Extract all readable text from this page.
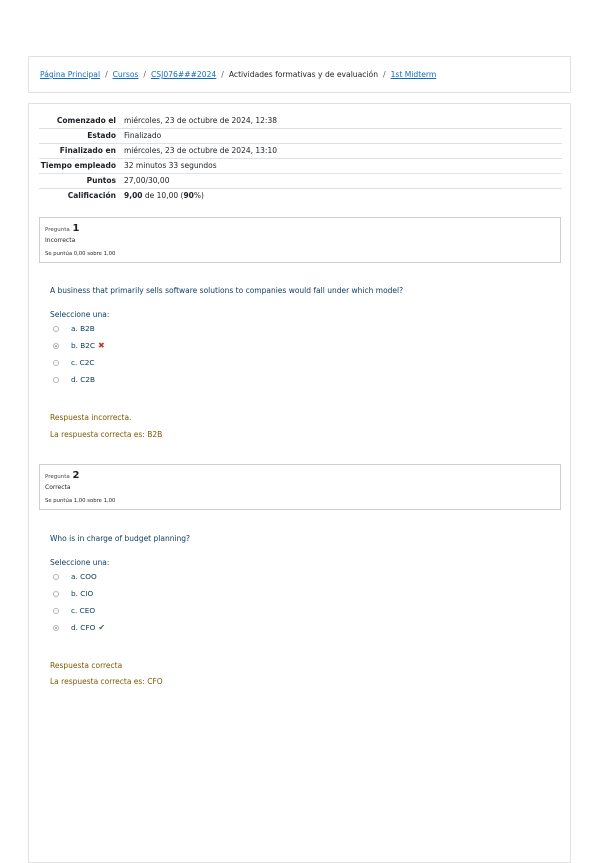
Página Principal / Cursos / CSJ076###2024 / Actividades formativas y de evaluación / 1st Midterm
Comenzado el	miércoles, 23 de octubre de 2024, 12:38
Estado	Finalizado
Finalizado en	miércoles, 23 de octubre de 2024, 13:10
Tiempo empleado	32 minutos 33 segundos
Puntos	27,00/30,00
Calificación	9,00 de 10,00 (90%)
Pregunta 1
Incorrecta
Se puntúa 0,00 sobre 1,00
A business that primarily sells software solutions to companies would fall under which model?
Seleccione una:
a. B2B
b. B2C ✖
c. C2C
d. C2B
Respuesta incorrecta.
La respuesta correcta es: B2B
Pregunta 2
Correcta
Se puntúa 1,00 sobre 1,00
Who is in charge of budget planning?
Seleccione una:
a. COO
b. CIO
c. CEO
d. CFO ✔
Respuesta correcta
La respuesta correcta es: CFO
